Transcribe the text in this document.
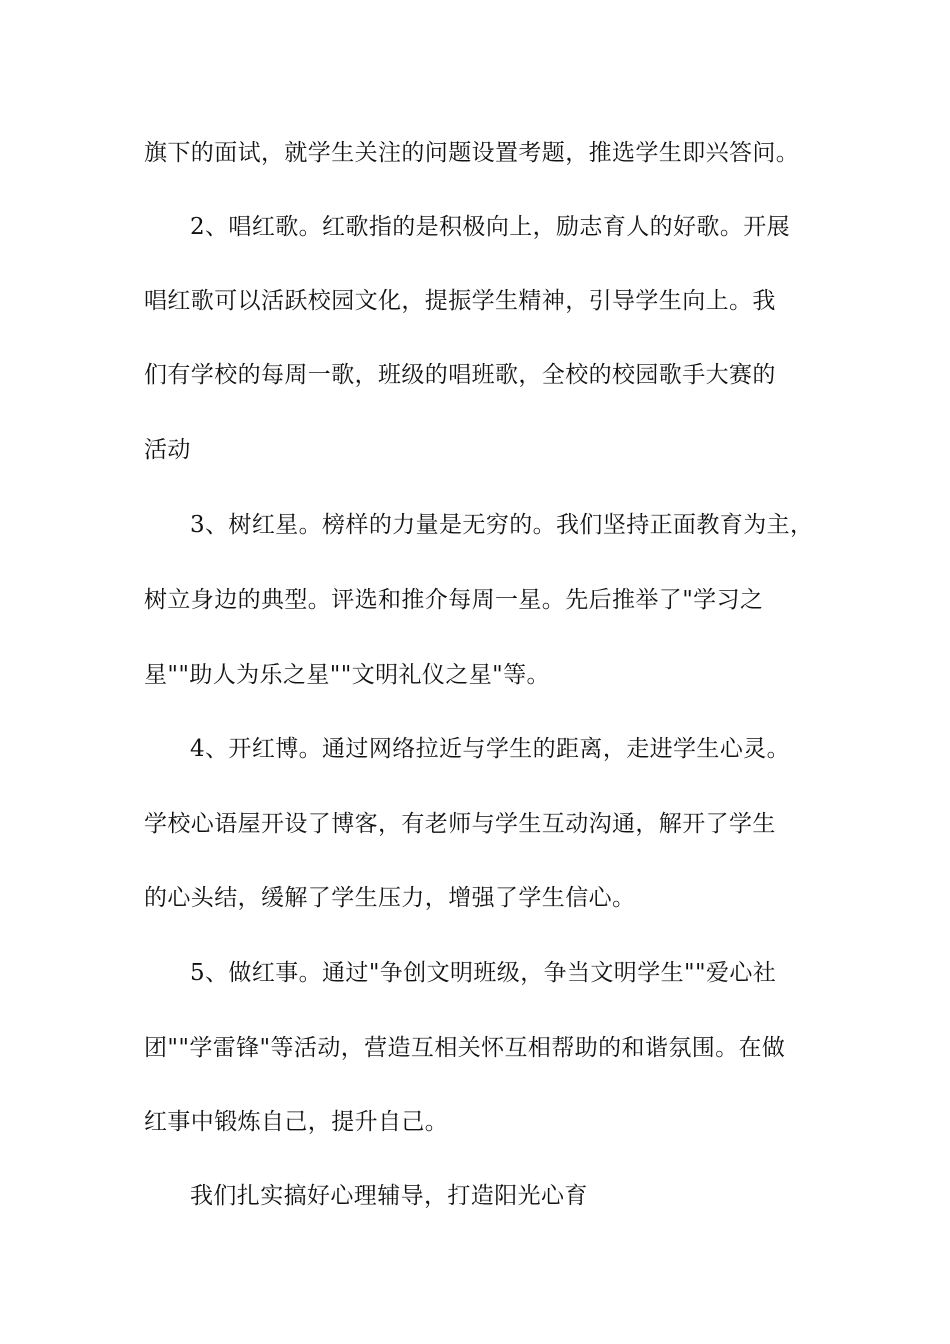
旗下的面试，就学生关注的问题设置考题，推选学生即兴答问。
2、唱红歌。红歌指的是积极向上，励志育人的好歌。开展
唱红歌可以活跃校园文化，提振学生精神，引导学生向上。我
们有学校的每周一歌，班级的唱班歌，全校的校园歌手大赛的
活动
3、树红星。榜样的力量是无穷的。我们坚持正面教育为主，
树立身边的典型。评选和推介每周一星。先后推举了"学习之
星""助人为乐之星""文明礼仪之星"等。
4、开红博。通过网络拉近与学生的距离，走进学生心灵。
学校心语屋开设了博客，有老师与学生互动沟通，解开了学生
的心头结，缓解了学生压力，增强了学生信心。
5、做红事。通过"争创文明班级，争当文明学生""爱心社
团""学雷锋"等活动，营造互相关怀互相帮助的和谐氛围。在做
红事中锻炼自己，提升自己。
我们扎实搞好心理辅导，打造阳光心育
